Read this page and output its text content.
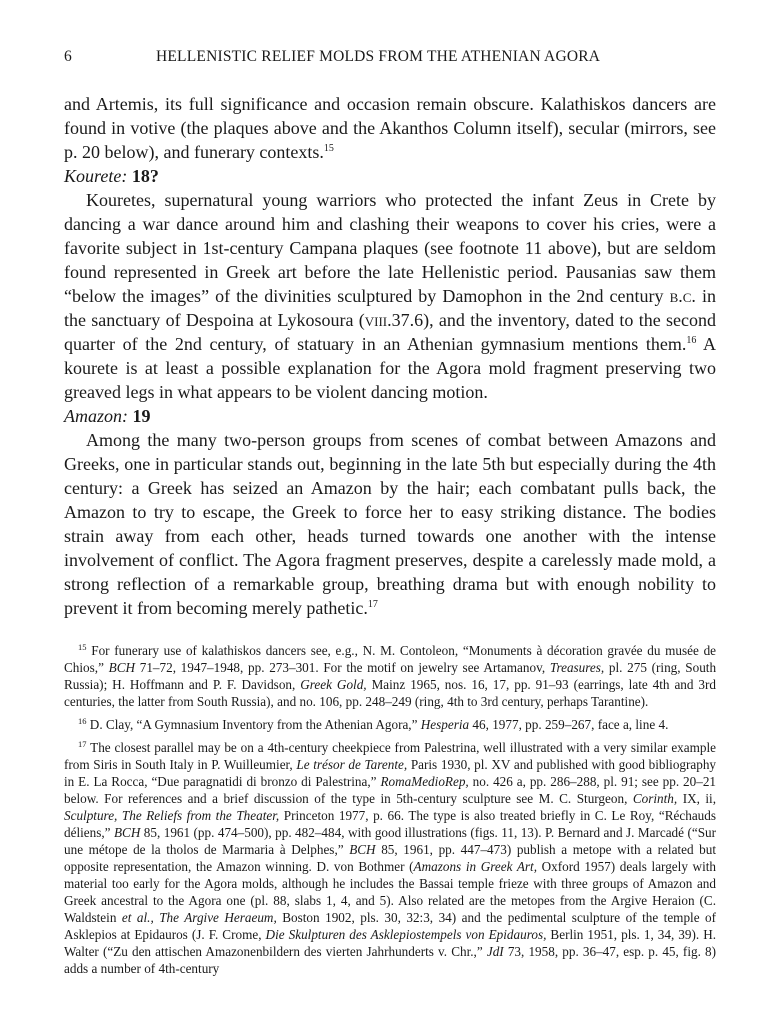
6	HELLENISTIC RELIEF MOLDS FROM THE ATHENIAN AGORA

and Artemis, its full significance and occasion remain obscure. Kalathiskos dancers are found in votive (the plaques above and the Akanthos Column itself), secular (mirrors, see p. 20 below), and funerary contexts.$^{15}$

Kourete: 18?

Kouretes, supernatural young warriors who protected the infant Zeus in Crete by dancing a war dance around him and clashing their weapons to cover his cries, were a favorite subject in 1st-century Campana plaques (see footnote 11 above), but are seldom found represented in Greek art before the late Hellenistic period. Pausanias saw them “below the images” of the divinities sculptured by Damophon in the 2nd century b.c. in the sanctuary of Despoina at Lykosoura (viii.37.6), and the inventory, dated to the second quarter of the 2nd century, of statuary in an Athenian gymnasium mentions them.$^{16}$ A kourete is at least a possible explanation for the Agora mold fragment preserving two greaved legs in what appears to be violent dancing motion.

Amazon: 19

Among the many two-person groups from scenes of combat between Amazons and Greeks, one in particular stands out, beginning in the late 5th but especially during the 4th century: a Greek has seized an Amazon by the hair; each combatant pulls back, the Amazon to try to escape, the Greek to force her to easy striking distance. The bodies strain away from each other, heads turned towards one another with the intense involvement of conflict. The Agora fragment preserves, despite a carelessly made mold, a strong reflection of a remarkable group, breathing drama but with enough nobility to prevent it from becoming merely pathetic.$^{17}$

$^{15}$ For funerary use of kalathiskos dancers see, e.g., N. M. Contoleon, “Monuments à décoration gravée du musée de Chios,” BCH 71–72, 1947–1948, pp. 273–301. For the motif on jewelry see Artamanov, Treasures, pl. 275 (ring, South Russia); H. Hoffmann and P. F. Davidson, Greek Gold, Mainz 1965, nos. 16, 17, pp. 91–93 (earrings, late 4th and 3rd centuries, the latter from South Russia), and no. 106, pp. 248–249 (ring, 4th to 3rd century, perhaps Tarantine).

$^{16}$ D. Clay, “A Gymnasium Inventory from the Athenian Agora,” Hesperia 46, 1977, pp. 259–267, face a, line 4.

$^{17}$ The closest parallel may be on a 4th-century cheekpiece from Palestrina, well illustrated with a very similar example from Siris in South Italy in P. Wuilleumier, Le trésor de Tarente, Paris 1930, pl. XV and published with good bibliography in E. La Rocca, “Due paragnatidi di bronzo di Palestrina,” RomaMedioRep, no. 426 a, pp. 286–288, pl. 91; see pp. 20–21 below. For references and a brief discussion of the type in 5th-century sculpture see M. C. Sturgeon, Corinth, IX, ii, Sculpture, The Reliefs from the Theater, Princeton 1977, p. 66. The type is also treated briefly in C. Le Roy, “Réchauds déliens,” BCH 85, 1961 (pp. 474–500), pp. 482–484, with good illustrations (figs. 11, 13). P. Bernard and J. Marcadé (“Sur une métope de la tholos de Marmaria à Delphes,” BCH 85, 1961, pp. 447–473) publish a metope with a related but opposite representation, the Amazon winning. D. von Bothmer (Amazons in Greek Art, Oxford 1957) deals largely with material too early for the Agora molds, although he includes the Bassai temple frieze with three groups of Amazon and Greek ancestral to the Agora one (pl. 88, slabs 1, 4, and 5). Also related are the metopes from the Argive Heraion (C. Waldstein et al., The Argive Heraeum, Boston 1902, pls. 30, 32:3, 34) and the pedimental sculpture of the temple of Asklepios at Epidauros (J. F. Crome, Die Skulpturen des Asklepiostempels von Epidauros, Berlin 1951, pls. 1, 34, 39). H. Walter (“Zu den attischen Amazonenbildern des vierten Jahrhunderts v. Chr.,” JdI 73, 1958, pp. 36–47, esp. p. 45, fig. 8) adds a number of 4th-century
